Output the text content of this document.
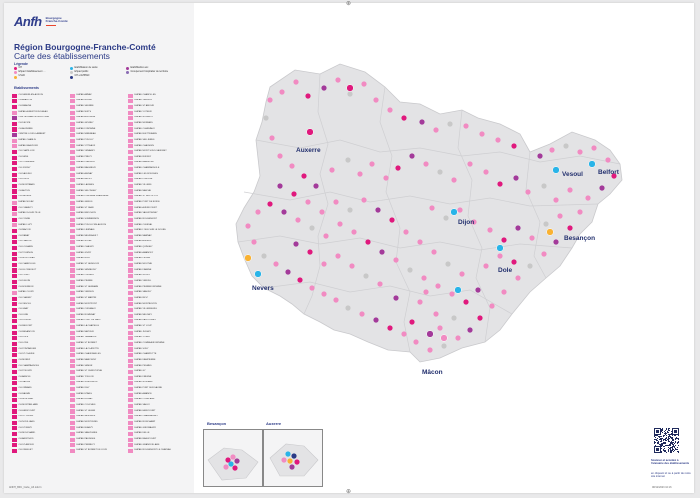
Anfh Bourgogne
Franche-Comté
Région Bourgogne-Franche-Comté
Carte des établissements
Légende
CH	Etab/Maison de santé	Etab/Médico-soc
Ehpad / Etablissement …	Ehpad public	Groupement hospitalier de territoire
USLD	CH et EHPAD
Etablissements
CH SEMUR-EN-AUXOIS
CH AVALLON
CH BEAUNE
EHPAD ALBERT ROUSSEAU
CHS LA CHARITE-SUR-LOIRE
CH DECIZE
CH AUXERRE
CENTRE LOUIS LAMBERT
EHPAD CHABLIS
EHPAD BEAUVOIR
CH CHATILLON
CH SENS
CH TONNERRE
CH JOIGNY
CH SAULIEU
CH DIJON
CH MONTBARD
CH AUTUN
CH NEVERS
EHPAD NOLAY
CH CLAMECY
EHPAD IS-SUR-TILLE
CH COSNE
EHPAD LUZY
CH MACON
CH PARAY
CH CHALON
CH LOUHANS
CH TOURNUS
CH MONTCEAU
CH CHAROLLES
CH LE CREUSOT
CH CLUNY
CH DIGOIN
CH BOURBON
EHPAD CLUNY
CH CHAGNY
CH VESOUL
CH GRAY
CH LURE
CH LUXEUIL
CH BELFORT
CH BESANCON
CH DOLE
CH LONS
CH PONTARLIER
CH ST CLAUDE
CH MOREZ
CH CHAMPAGNOLE
CH POLIGNY
CH ARBOIS
CH SALINS
CH ORNANS
CH BAUME
CH MORTEAU
CH MONTBELIARD
CH HERICOURT
CH ST JULIEN
CH NOVILLARS
CH ST REMY
CH MOUCHARD
CH ARINTHOD
CH ST AMOUR
CH ORGELET
EHPAD ARNAY
EHPAD BLIGNY
EHPAD SEURRE
EHPAD NUITS
EHPAD AUXONNE
EHPAD GEVREY
EHPAD FONTAINE
EHPAD MIREBEAU
EHPAD POUILLY
EHPAD VITTEAUX
EHPAD VENAREY
EHPAD PRECY
EHPAD FLAVIGNY
EHPAD BAIGNEUX
EHPAD AIGNAY
EHPAD RECEY
EHPAD LAIGNES
EHPAD SELONGEY
EHPAD FONTAINE FRANCAISE
EHPAD GENLIS
EHPAD ST JEAN
EHPAD BROCHON
EHPAD SOMBERNON
EHPAD POUILLY-EN-AUXOIS
EHPAD LIERNAIS
EHPAD MEURSAULT
EHPAD NOLAY
EHPAD CHAGNY
EHPAD GIVRY
EHPAD BUXY
EHPAD ST GENGOUX
EHPAD SENNECEY
EHPAD CUISERY
EHPAD PIERRE
EHPAD ST GERMAIN
EHPAD VERDUN
EHPAD ST MARTIN
EHPAD MONTPONT
EHPAD CUISEAUX
EHPAD ROMENAY
EHPAD PONT DE VAUX
EHPAD LA CHAPELLE
EHPAD MATOUR
EHPAD TRAMAYES
EHPAD ST BONNET
EHPAD LA CLAYETTE
EHPAD CHAUFFAILLES
EHPAD MARCIGNY
EHPAD SEMUR
EHPAD ST CHRISTOPHE
EHPAD TOULON
EHPAD GUEUGNON
EHPAD ISSY
EHPAD ETANG
EHPAD EPINAC
EHPAD COUCHES
EHPAD ST LEGER
EHPAD MESVRES
EHPAD MONTCENIS
EHPAD BLANZY
EHPAD SANVIGNES
EHPAD PALINGES
EHPAD PERRECY
EHPAD ST BONNET DE JOUX
EHPAD CHAROLLES
EHPAD VERDUN
EHPAD ST AMOUR
EHPAD VOTEUR
EHPAD NOZEROY
EHPAD MOIRANS
EHPAD CLAIRVAUX
EHPAD BLETTERANS
EHPAD SELLIERES
EHPAD CHAUSSIN
EHPAD MONT SOUS VAUDREY
EHPAD RUFFEY
EHPAD BEAUFORT
EHPAD CHAMPAGNOLE
EHPAD LES ROUSSES
EHPAD FONCINE
EHPAD VILLERS
EHPAD MAICHE
EHPAD ST HIPPOLYTE
EHPAD PONT DE ROIDE
EHPAD AUDINCOURT
EHPAD VALENTIGNEY
EHPAD ROUGEMONT
EHPAD CLERVAL
EHPAD L'ISLE SUR LE DOUBS
EHPAD MARNAY
EHPAD AUDEUX
EHPAD QUINGEY
EHPAD AMANCEY
EHPAD LEVIER
EHPAD MOUTHE
EHPAD FRASNE
EHPAD GILLEY
EHPAD VERCEL
EHPAD PIERREFONTAINE
EHPAD SANCEY
EHPAD RIOZ
EHPAD MONTBOZON
EHPAD VILLERSEXEL
EHPAD MELISEY
EHPAD FAUCOGNEY
EHPAD ST LOUP
EHPAD JUSSEY
EHPAD VITREY
EHPAD COMBEAUFONTAINE
EHPAD SCEY
EHPAD CHAMPLITTE
EHPAD DAMPIERRE
EHPAD PESMES
EHPAD GY
EHPAD FRESNE
EHPAD NOIDANS
EHPAD PORT SUR SAONE
EHPAD AMANCE
EHPAD CONFLANS
EHPAD SAULX
EHPAD HERICOURT
EHPAD CHAMPAGNEY
EHPAD RONCHAMP
EHPAD GIROMAGNY
EHPAD DELLE
EHPAD BEAUCOURT
EHPAD GRANDVILLARS
EHPAD ROUGEMONT LE CHATEAU
⊕
⊕
Auxerre
Dijon
Vesoul Belfort
Besançon
Dole
Nevers
Mâcon
Besançon	Auxerre
Scannez et accédez à l'annuaire des établissements
en cliquant ici ou à partir de notre site internet
ANFH_BFC_Carte_A3.indd 1	08/12/2023 10:16
